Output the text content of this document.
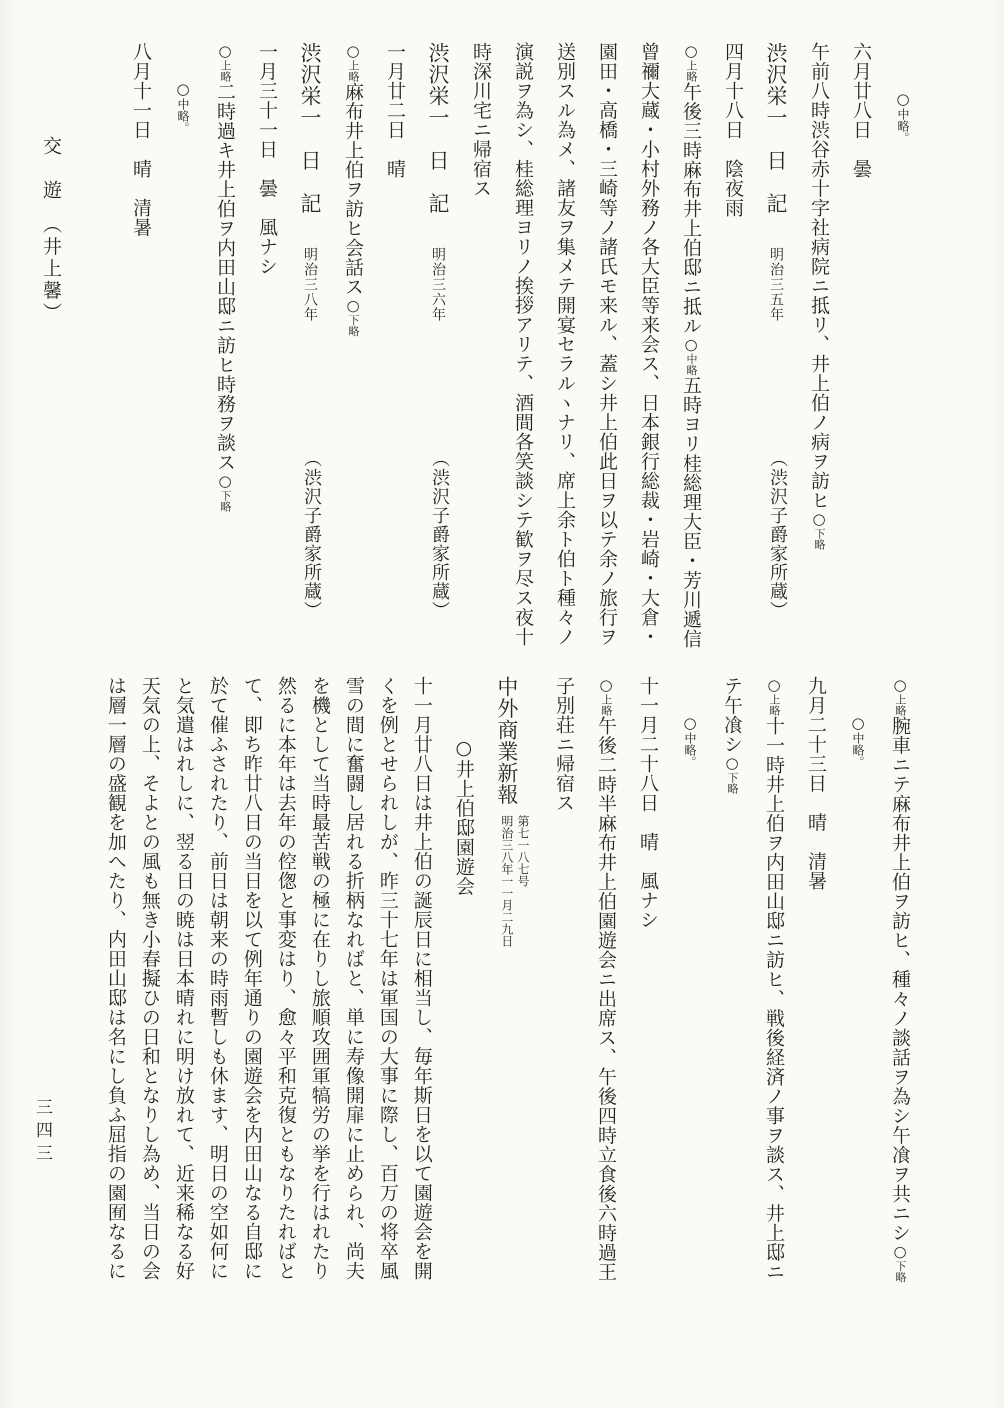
○中略。
六月廿八日　曇
午前八時渋谷赤十字社病院ニ抵リ、井上伯ノ病ヲ訪ヒ○下略
渋沢栄一　日　記　明治三五年
（渋沢子爵家所蔵）
四月十八日　陰夜雨
○上略午後三時麻布井上伯邸ニ抵ル○中略五時ヨリ桂総理大臣・芳川遞信
曾禰大蔵・小村外務ノ各大臣等来会ス、日本銀行総裁・岩崎・大倉・
園田・高橋・三崎等ノ諸氏モ来ル、蓋シ井上伯此日ヲ以テ余ノ旅行ヲ
送別スル為メ、諸友ヲ集メテ開宴セラルヽナリ、席上余ト伯ト種々ノ
演説ヲ為シ、桂総理ヨリノ挨拶アリテ、酒間各笑談シテ歓ヲ尽ス夜十
時深川宅ニ帰宿ス
渋沢栄一　日　記　明治三六年
（渋沢子爵家所蔵）
一月廿二日　晴
○上略麻布井上伯ヲ訪ヒ会話ス○下略
渋沢栄一　日　記　明治三八年
（渋沢子爵家所蔵）
一月三十一日　曇　風ナシ
○上略二時過キ井上伯ヲ内田山邸ニ訪ヒ時務ヲ談ス○下略
○中略。
八月十一日　晴　清暑
○上略腕車ニテ麻布井上伯ヲ訪ヒ、種々ノ談話ヲ為シ午飡ヲ共ニシ○下略
○中略。
九月二十三日　晴　清暑
○上略十一時井上伯ヲ内田山邸ニ訪ヒ、戦後経済ノ事ヲ談ス、井上邸ニ
テ午飡シ○下略
○中略。
十一月二十八日　晴　風ナシ
○上略午後二時半麻布井上伯園遊会ニ出席ス、午後四時立食後六時過王
子別荘ニ帰宿ス
中外商業新報
第七一八七号
明治三八年一一月二九日
○井上伯邸園遊会
十一月廿八日は井上伯の誕辰日に相当し、毎年斯日を以て園遊会を開
くを例とせられしが、昨三十七年は軍国の大事に際し、百万の将卒風
雪の間に奮闘し居れる折柄なればと、単に寿像開扉に止められ、尚夫
を機として当時最苦戦の極に在りし旅順攻囲軍犒労の挙を行はれたり
然るに本年は去年の倥偬と事変はり、愈々平和克復ともなりたればと
て、即ち昨廿八日の当日を以て例年通りの園遊会を内田山なる自邸に
於て催ふされたり、前日は朝来の時雨暫しも休ます、明日の空如何に
と気遣はれしに、翌る日の暁は日本晴れに明け放れて、近来稀なる好
天気の上、そよとの風も無き小春擬ひの日和となりし為め、当日の会
は層一層の盛観を加へたり、内田山邸は名にし負ふ屈指の園囿なるに
交　遊　（井上馨）
三四三
